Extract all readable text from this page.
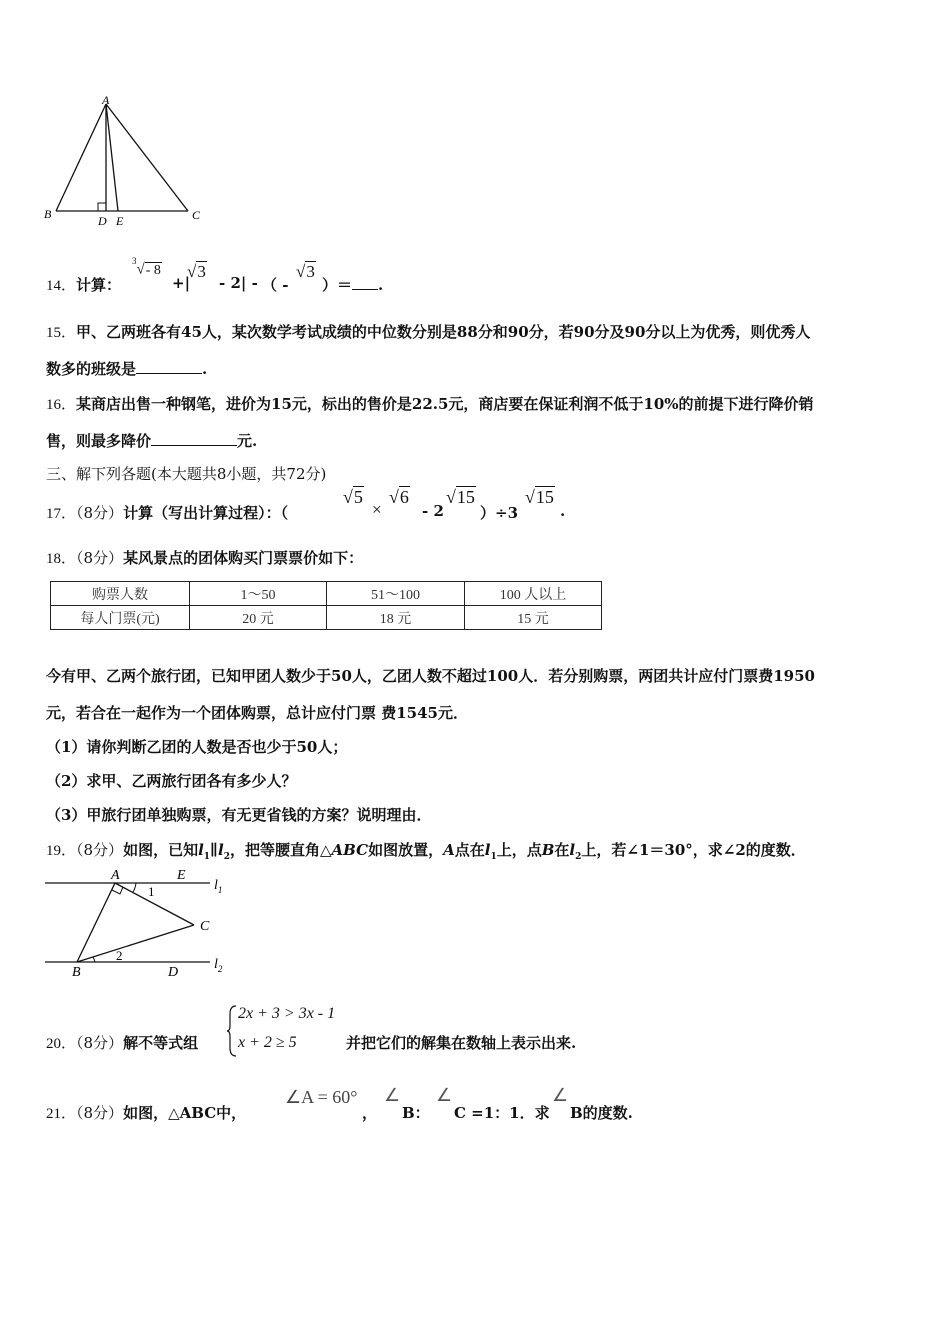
A
B	C
D E
14．计算：
$^3$√- 8
+|
√3
- 2| - （ -
√3
）＝ .
15．甲、乙两班各有45人，某次数学考试成绩的中位数分别是88分和90分，若90分及90分以上为优秀，则优秀人
数多的班级是	.
16．某商店出售一种钢笔，进价为15元，标出的售价是22.5元，商店要在保证利润不低于10%的前提下进行降价销
售，则最多降价	元.
三、解下列各题(本大题共8小题，共72分)
17．（8分）计算（写出计算过程）：（
√5
×
√6
- 2
√15
）÷3
√15
.
18．（8分）某风景点的团体购买门票票价如下：
购票人数	1～50	51～100	100 人以上
每人门票(元)	20 元	18 元	15 元
今有甲、乙两个旅行团，已知甲团人数少于50人，乙团人数不超过100人．若分别购票，两团共计应付门票费1950
元，若合在一起作为一个团体购票，总计应付门票 费1545元．
（1）请你判断乙团的人数是否也少于50人；
（2）求甲、乙两旅行团各有多少人？
（3）甲旅行团单独购票，有无更省钱的方案？说明理由．
19．（8分）如图，已知$l_1\parallel l_2$，把等腰直角△ABC如图放置，A点在$l_1$上，点B在$l_2$上，若∠1＝30°，求∠2的度数．
A	E
$l_1$
1
C
B
2
D
$l_2$
20．（8分）解不等式组
2x + 3 > 3x - 1
x + 2 ≥ 5	并把它们的解集在数轴上表示出来.
21．（8分）如图，△ABC中，
∠A = 60°
，
∠
B：
∠
C =1：1．求
∠
B的度数.
